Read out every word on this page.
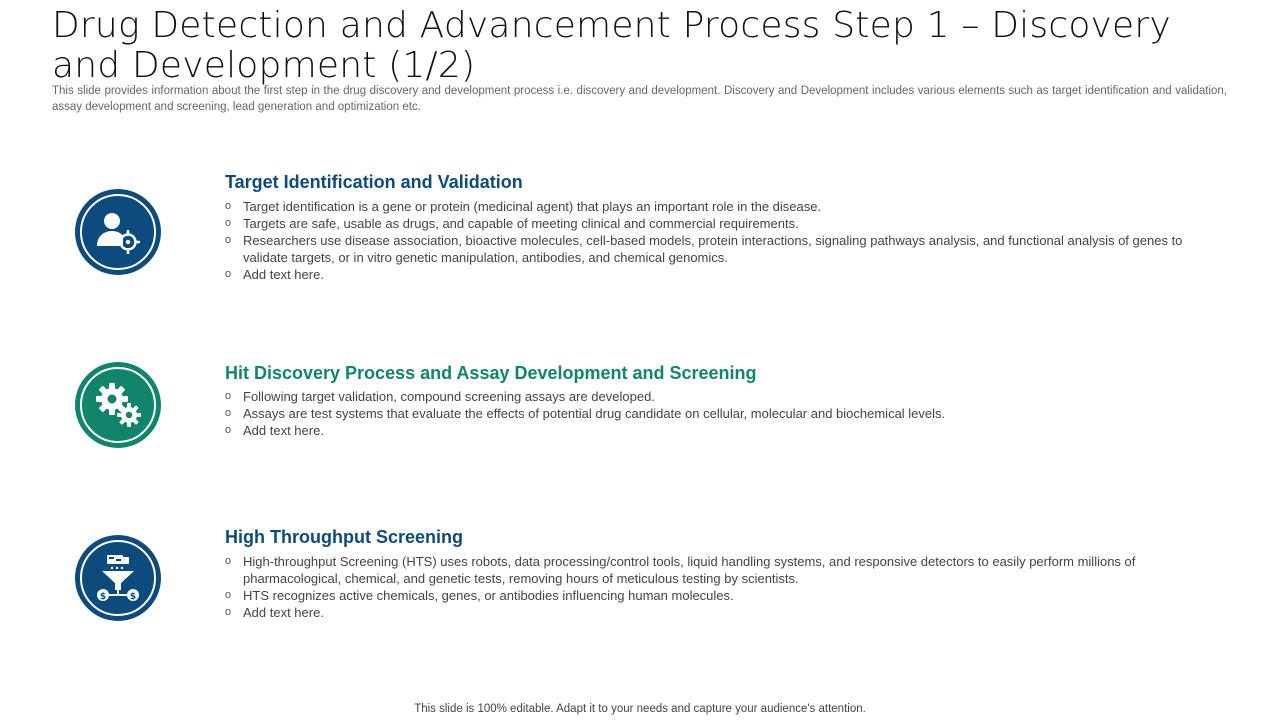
Drug Detection and Advancement Process Step 1 – Discovery and Development (1/2)
This slide provides information about the first step in the drug discovery and development process i.e. discovery and development. Discovery and Development includes various elements such as target identification and validation, assay development and screening, lead generation and optimization etc.
Target Identification and Validation
o Target identification is a gene or protein (medicinal agent) that plays an important role in the disease.
o Targets are safe, usable as drugs, and capable of meeting clinical and commercial requirements.
o Researchers use disease association, bioactive molecules, cell-based models, protein interactions, signaling pathways analysis, and functional analysis of genes to validate targets, or in vitro genetic manipulation, antibodies, and chemical genomics.
o Add text here.
Hit Discovery Process and Assay Development and Screening
o Following target validation, compound screening assays are developed.
o Assays are test systems that evaluate the effects of potential drug candidate on cellular, molecular and biochemical levels.
o Add text here.
$	$
High Throughput Screening
o High-throughput Screening (HTS) uses robots, data processing/control tools, liquid handling systems, and responsive detectors to easily perform millions of pharmacological, chemical, and genetic tests, removing hours of meticulous testing by scientists.
o HTS recognizes active chemicals, genes, or antibodies influencing human molecules.
o Add text here.
This slide is 100% editable. Adapt it to your needs and capture your audience's attention.
